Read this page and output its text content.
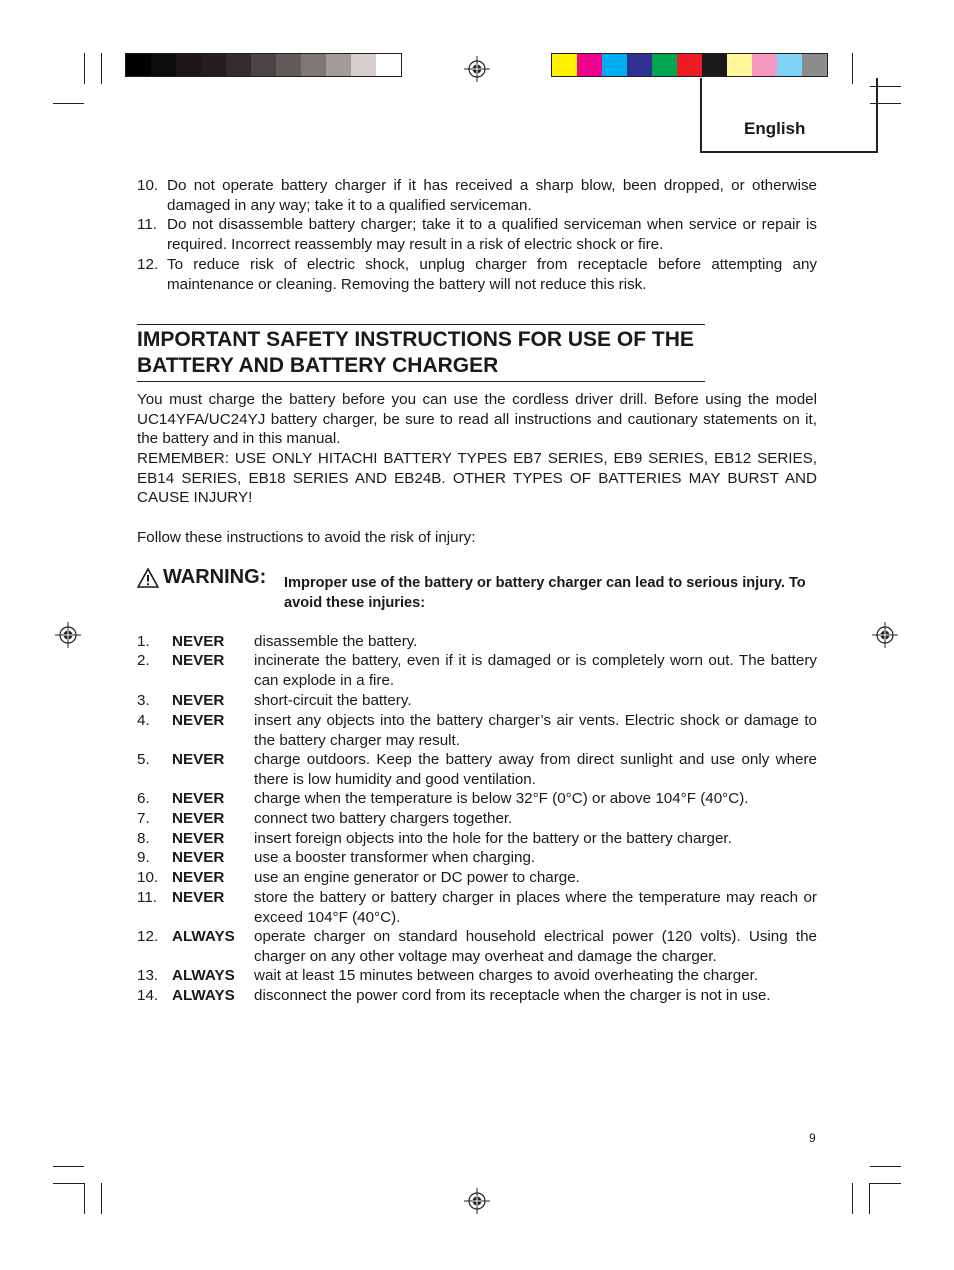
English
10. Do not operate battery charger if it has received a sharp blow, been dropped, or otherwise damaged in any way; take it to a qualified serviceman.
11. Do not disassemble battery charger; take it to a qualified serviceman when service or repair is required. Incorrect reassembly may result in a risk of electric shock or fire.
12. To reduce risk of electric shock, unplug charger from receptacle before attempting any maintenance or cleaning. Removing the battery will not reduce this risk.
IMPORTANT SAFETY INSTRUCTIONS FOR USE OF THE
BATTERY AND BATTERY CHARGER
You must charge the battery before you can use the cordless driver drill. Before using the model UC14YFA/UC24YJ battery charger, be sure to read all instructions and cautionary statements on it, the battery and in this manual.
REMEMBER: USE ONLY HITACHI BATTERY TYPES EB7 SERIES, EB9 SERIES, EB12 SERIES, EB14 SERIES, EB18 SERIES AND EB24B. OTHER TYPES OF BATTERIES MAY BURST AND CAUSE INJURY!
Follow these instructions to avoid the risk of injury:
WARNING: Improper use of the battery or battery charger can lead to serious injury. To avoid these injuries:
1. NEVER disassemble the battery.
2. NEVER incinerate the battery, even if it is damaged or is completely worn out. The battery can explode in a fire.
3. NEVER short-circuit the battery.
4. NEVER insert any objects into the battery charger’s air vents. Electric shock or damage to the battery charger may result.
5. NEVER charge outdoors. Keep the battery away from direct sunlight and use only where there is low humidity and good ventilation.
6. NEVER charge when the temperature is below 32°F (0°C) or above 104°F (40°C).
7. NEVER connect two battery chargers together.
8. NEVER insert foreign objects into the hole for the battery or the battery charger.
9. NEVER use a booster transformer when charging.
10. NEVER use an engine generator or DC power to charge.
11. NEVER store the battery or battery charger in places where the temperature may reach or exceed 104°F (40°C).
12. ALWAYS operate charger on standard household electrical power (120 volts). Using the charger on any other voltage may overheat and damage the charger.
13. ALWAYS wait at least 15 minutes between charges to avoid overheating the charger.
14. ALWAYS disconnect the power cord from its receptacle when the charger is not in use.
9
